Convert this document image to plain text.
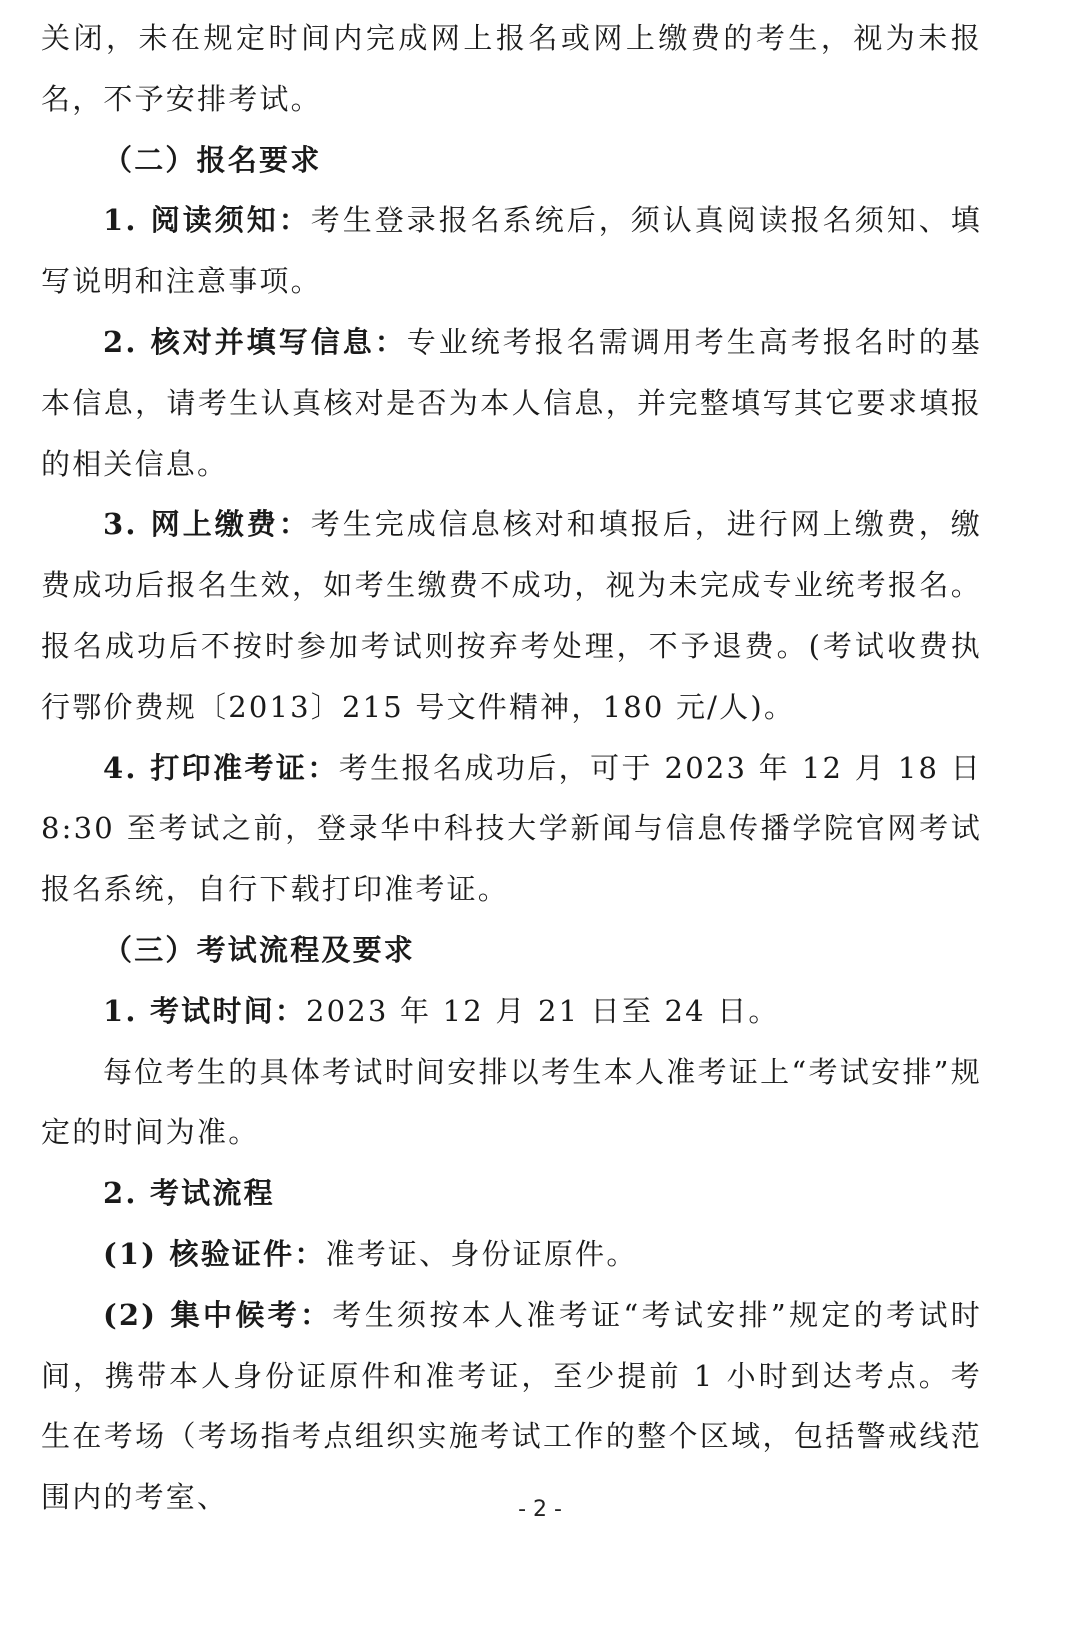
关闭，未在规定时间内完成网上报名或网上缴费的考生，视为未报名，不予安排考试。

（二）报名要求

1. 阅读须知：考生登录报名系统后，须认真阅读报名须知、填写说明和注意事项。

2. 核对并填写信息：专业统考报名需调用考生高考报名时的基本信息，请考生认真核对是否为本人信息，并完整填写其它要求填报的相关信息。

3. 网上缴费：考生完成信息核对和填报后，进行网上缴费，缴费成功后报名生效，如考生缴费不成功，视为未完成专业统考报名。报名成功后不按时参加考试则按弃考处理，不予退费。(考试收费执行鄂价费规〔2013〕215 号文件精神，180 元/人)。

4. 打印准考证：考生报名成功后，可于 2023 年 12 月 18 日 8:30 至考试之前，登录华中科技大学新闻与信息传播学院官网考试报名系统，自行下载打印准考证。

（三）考试流程及要求

1. 考试时间：2023 年 12 月 21 日至 24 日。

每位考生的具体考试时间安排以考生本人准考证上“考试安排”规定的时间为准。

2. 考试流程

(1) 核验证件：准考证、身份证原件。

(2) 集中候考：考生须按本人准考证“考试安排”规定的考试时间，携带本人身份证原件和准考证，至少提前 1 小时到达考点。考生在考场（考场指考点组织实施考试工作的整个区域，包括警戒线范围内的考室、	- 2 -
